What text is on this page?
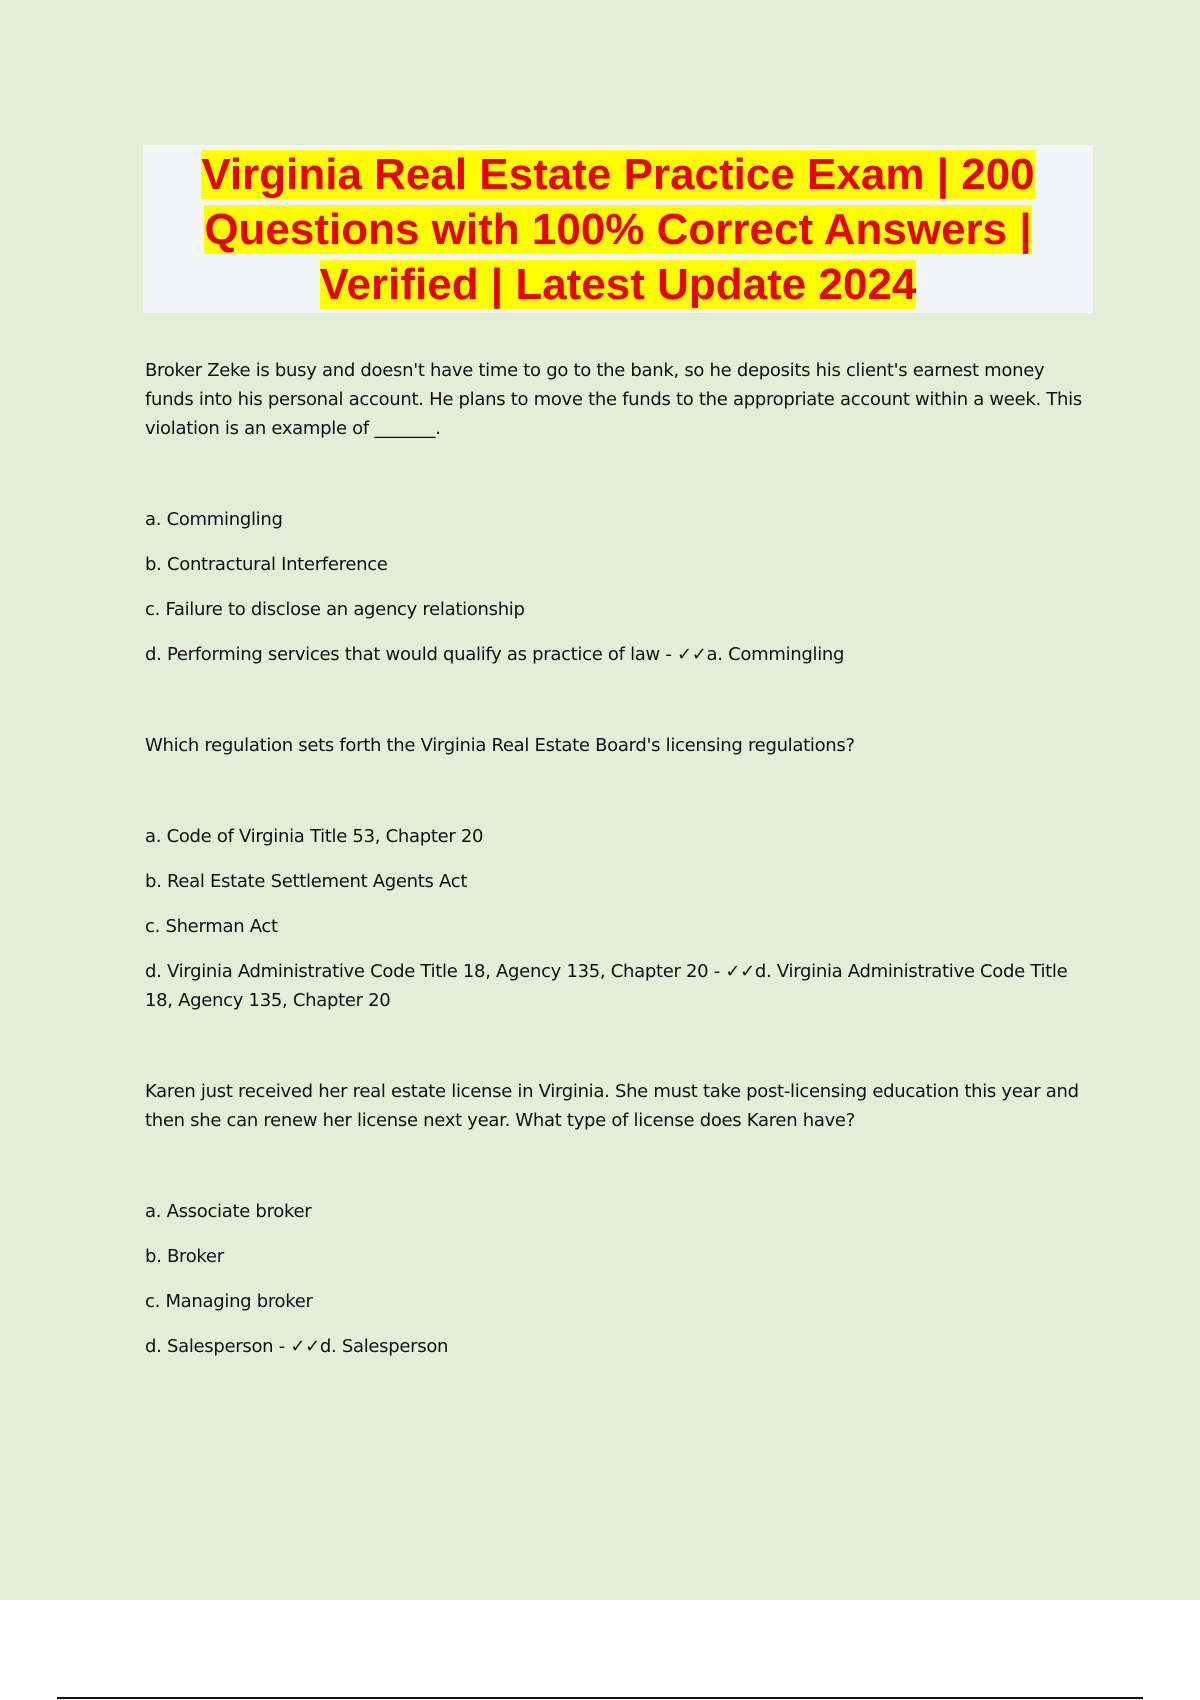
Virginia Real Estate Practice Exam | 200
Questions with 100% Correct Answers |
Verified | Latest Update 2024

Broker Zeke is busy and doesn't have time to go to the bank, so he deposits his client's earnest money funds into his personal account. He plans to move the funds to the appropriate account within a week. This violation is an example of _______.

a. Commingling

b. Contractural Interference

c. Failure to disclose an agency relationship

d. Performing services that would qualify as practice of law - ✓✓a. Commingling

Which regulation sets forth the Virginia Real Estate Board's licensing regulations?

a. Code of Virginia Title 53, Chapter 20

b. Real Estate Settlement Agents Act

c. Sherman Act

d. Virginia Administrative Code Title 18, Agency 135, Chapter 20 - ✓✓d. Virginia Administrative Code Title 18, Agency 135, Chapter 20

Karen just received her real estate license in Virginia. She must take post-licensing education this year and then she can renew her license next year. What type of license does Karen have?

a. Associate broker

b. Broker

c. Managing broker

d. Salesperson - ✓✓d. Salesperson
